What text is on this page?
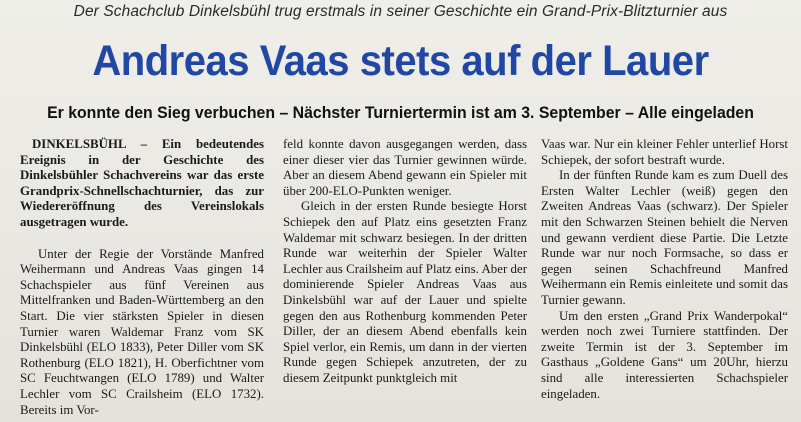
Der Schachclub Dinkelsbühl trug erstmals in seiner Geschichte ein Grand-Prix-Blitzturnier aus
Andreas Vaas stets auf der Lauer
Er konnte den Sieg verbuchen – Nächster Turniertermin ist am 3. September – Alle eingeladen

DINKELSBÜHL – Ein bedeutendes Ereignis in der Geschichte des Dinkelsbühler Schachvereins war das erste Grandprix-Schnellschachturnier, das zur Wiedereröffnung des Vereinslokals ausgetragen wurde.

Unter der Regie der Vorstände Manfred Weihermann und Andreas Vaas gingen 14 Schachspieler aus fünf Vereinen aus Mittelfranken und Baden-Württemberg an den Start. Die vier stärksten Spieler in diesen Turnier waren Waldemar Franz vom SK Dinkelsbühl (ELO 1833), Peter Diller vom SK Rothenburg (ELO 1821), H. Oberfichtner vom SC Feuchtwangen (ELO 1789) und Walter Lechler vom SC Crailsheim (ELO 1732). Bereits im Vor-

feld konnte davon ausgegangen werden, dass einer dieser vier das Turnier gewinnen würde. Aber an diesem Abend gewann ein Spieler mit über 200-ELO-Punkten weniger.

Gleich in der ersten Runde besiegte Horst Schiepek den auf Platz eins gesetzten Franz Waldemar mit schwarz besiegen. In der dritten Runde war weiterhin der Spieler Walter Lechler aus Crailsheim auf Platz eins. Aber der dominierende Spieler Andreas Vaas aus Dinkelsbühl war auf der Lauer und spielte gegen den aus Rothenburg kommenden Peter Diller, der an diesem Abend ebenfalls kein Spiel verlor, ein Remis, um dann in der vierten Runde gegen Schiepek anzutreten, der zu diesem Zeitpunkt punktgleich mit

Vaas war. Nur ein kleiner Fehler unterlief Horst Schiepek, der sofort bestraft wurde.

In der fünften Runde kam es zum Duell des Ersten Walter Lechler (weiß) gegen den Zweiten Andreas Vaas (schwarz). Der Spieler mit den Schwarzen Steinen behielt die Nerven und gewann verdient diese Partie. Die Letzte Runde war nur noch Formsache, so dass er gegen seinen Schachfreund Manfred Weihermann ein Remis einleitete und somit das Turnier gewann.

Um den ersten „Grand Prix Wanderpokal“ werden noch zwei Turniere stattfinden. Der zweite Termin ist der 3. September im Gasthaus „Goldene Gans“ um 20Uhr, hierzu sind alle interessierten Schachspieler eingeladen.
